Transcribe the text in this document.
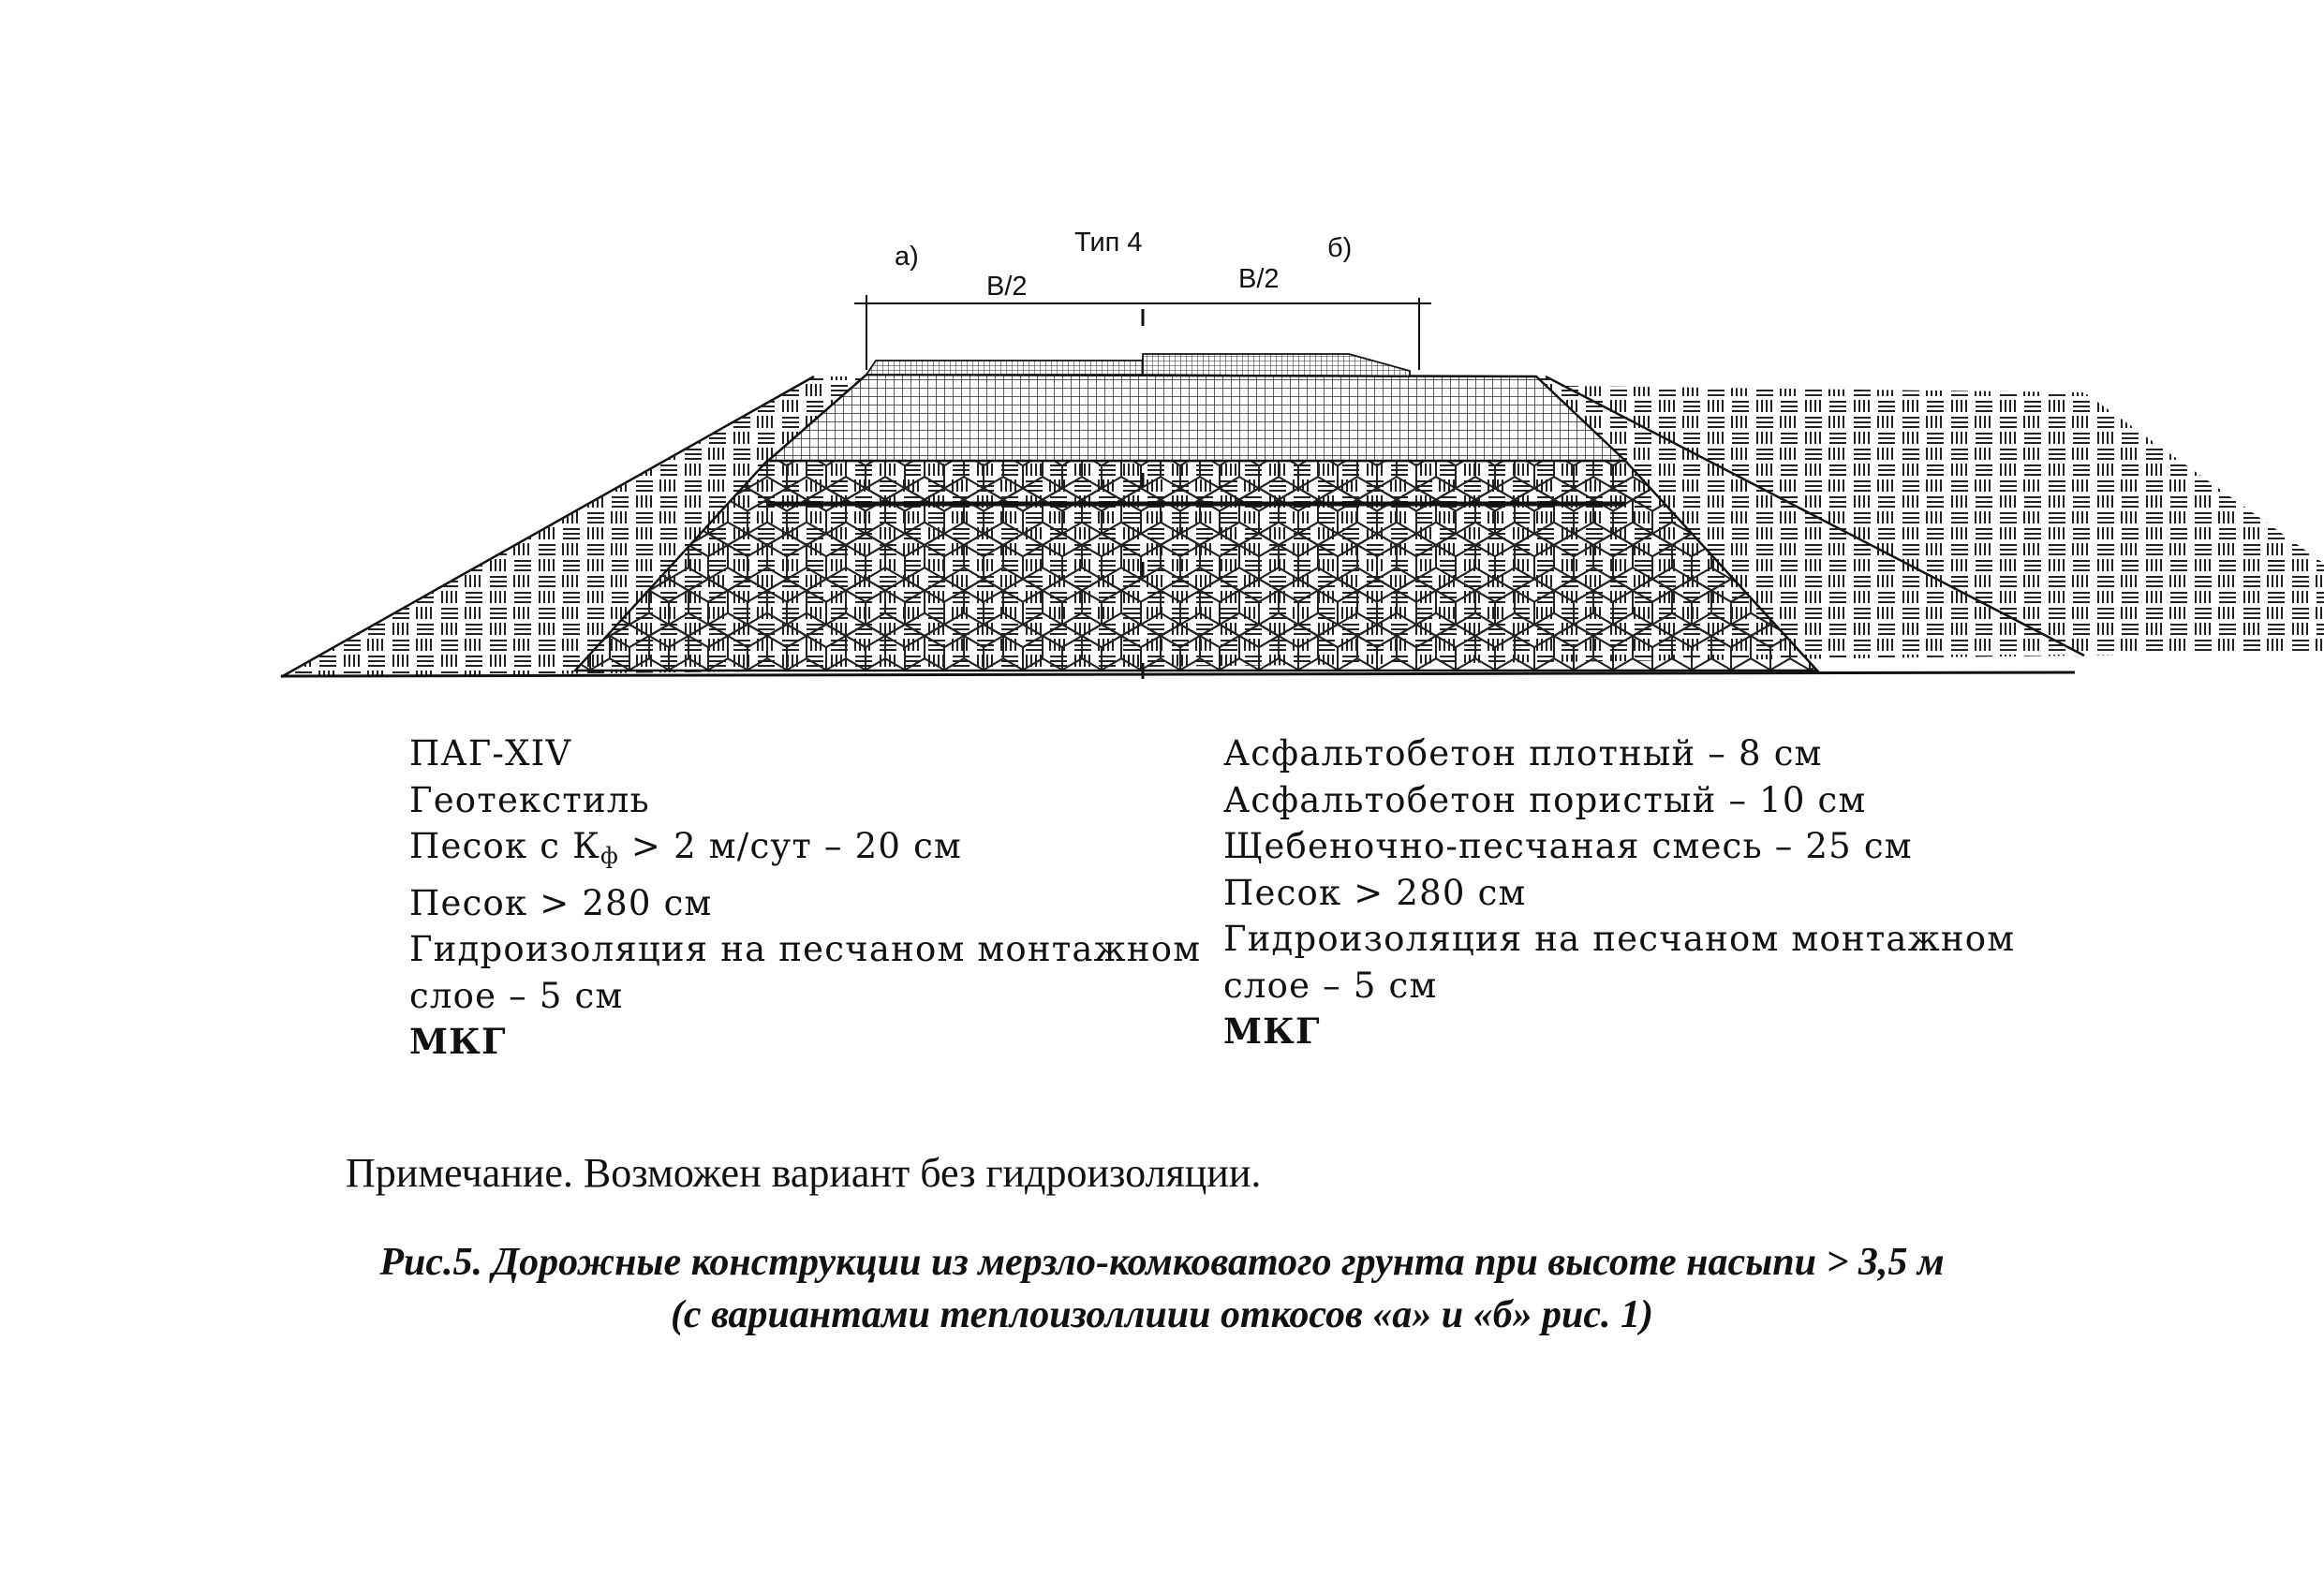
Тип 4
а)	б)
В/2	В/2
ПАГ-XIV
Геотекстиль
Песок с $К_ф > 2$ м/сут – 20 см
Песок > 280 см
Гидроизоляция на песчаном монтажном
слое – 5 см
МКГ
Асфальтобетон плотный – 8 см
Асфальтобетон пористый – 10 см
Щебеночно-песчаная смесь – 25 см
Песок > 280 см
Гидроизоляция на песчаном монтажном
слое – 5 см
МКГ
Примечание. Возможен вариант без гидроизоляции.
Рис.5. Дорожные конструкции из мерзло-комковатого грунта при высоте насыпи > 3,5 м
(с вариантами теплоизоллиии откосов «а» и «б» рис. 1)
